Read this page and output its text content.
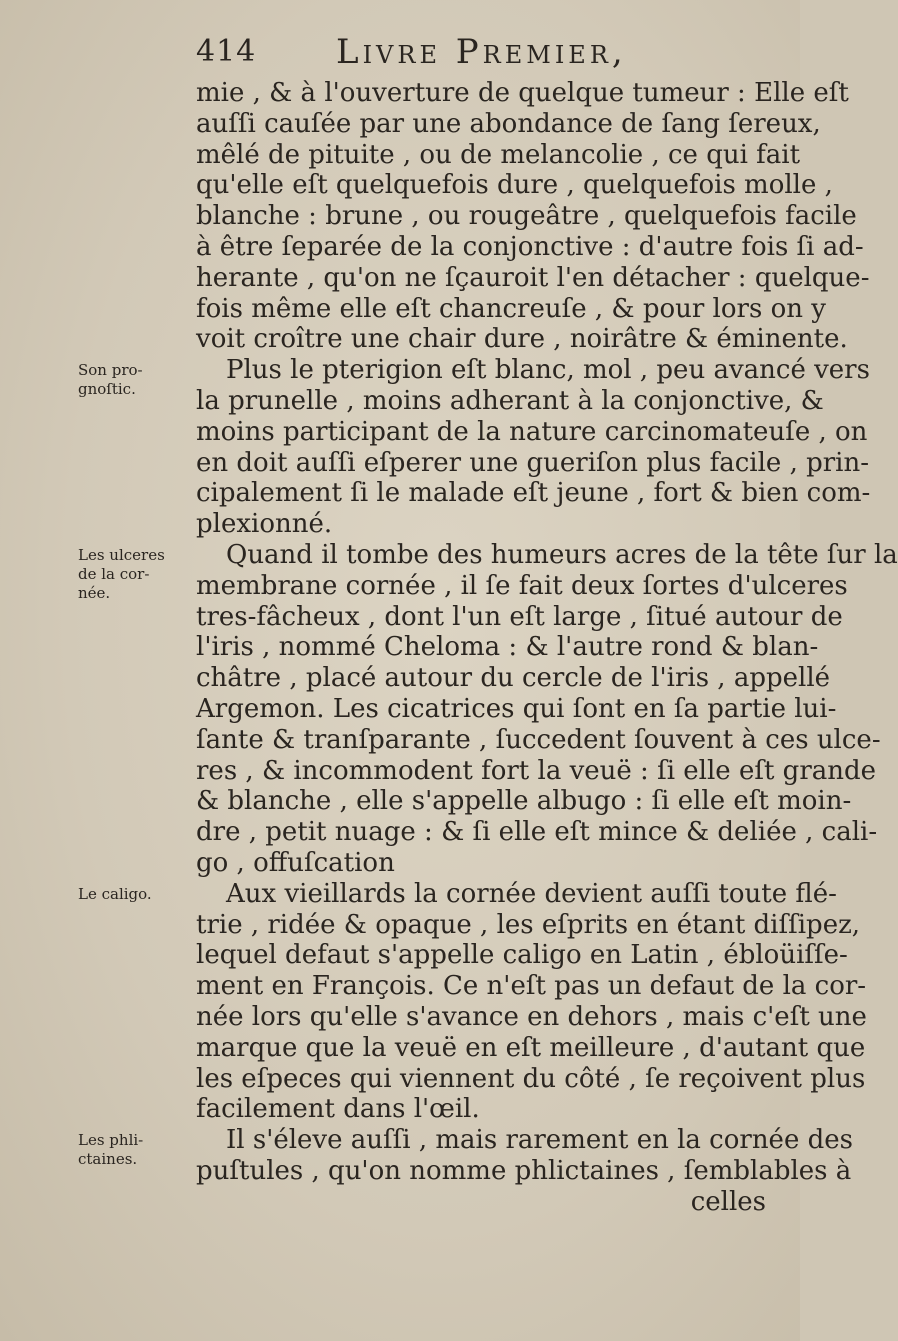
414 Livre Premier,
mie , & à l'ouverture de quelque tumeur : Elle eſt
auſſi cauſée par une abondance de ſang ſereux,
mêlé de pituite , ou de melancolie , ce qui fait
qu'elle eſt quelquefois dure , quelquefois molle ,
blanche : brune , ou rougeâtre , quelquefois facile
à être ſeparée de la conjonctive : d'autre fois ſi ad-
herante , qu'on ne ſçauroit l'en détacher : quelque-
fois même elle eſt chancreuſe , & pour lors on y
voit croître une chair dure , noirâtre & éminente.
Plus le pterigion eſt blanc, mol , peu avancé vers
la prunelle , moins adherant à la conjonctive, &
moins participant de la nature carcinomateuſe , on
en doit auſſi eſperer une gueriſon plus facile , prin-
cipalement ſi le malade eſt jeune , fort & bien com-
plexionné.
Quand il tombe des humeurs acres de la tête ſur la
membrane cornée , il ſe fait deux ſortes d'ulceres
tres-fâcheux , dont l'un eſt large , ſitué autour de
l'iris , nommé Cheloma : & l'autre rond & blan-
châtre , placé autour du cercle de l'iris , appellé
Argemon. Les cicatrices qui ſont en ſa partie lui-
ſante & tranſparante , ſuccedent ſouvent à ces ulce-
res , & incommodent fort la veuë : ſi elle eſt grande
& blanche , elle s'appelle albugo : ſi elle eſt moin-
dre , petit nuage : & ſi elle eſt mince & deliée , cali-
go , offuſcation
Aux vieillards la cornée devient auſſi toute flé-
trie , ridée & opaque , les eſprits en étant diſſipez,
lequel defaut s'appelle caligo en Latin , ébloüiſſe-
ment en François. Ce n'eſt pas un defaut de la cor-
née lors qu'elle s'avance en dehors , mais c'eſt une
marque que la veuë en eſt meilleure , d'autant que
les eſpeces qui viennent du côté , ſe reçoivent plus
facilement dans l'œil.
Il s'éleve auſſi , mais rarement en la cornée des
puſtules , qu'on nomme phlictaines , ſemblables à
celles
Son pro-
gnoſtic.
Les ulceres
de la cor-
née.
Le caligo.
Les phli-
ctaines.
